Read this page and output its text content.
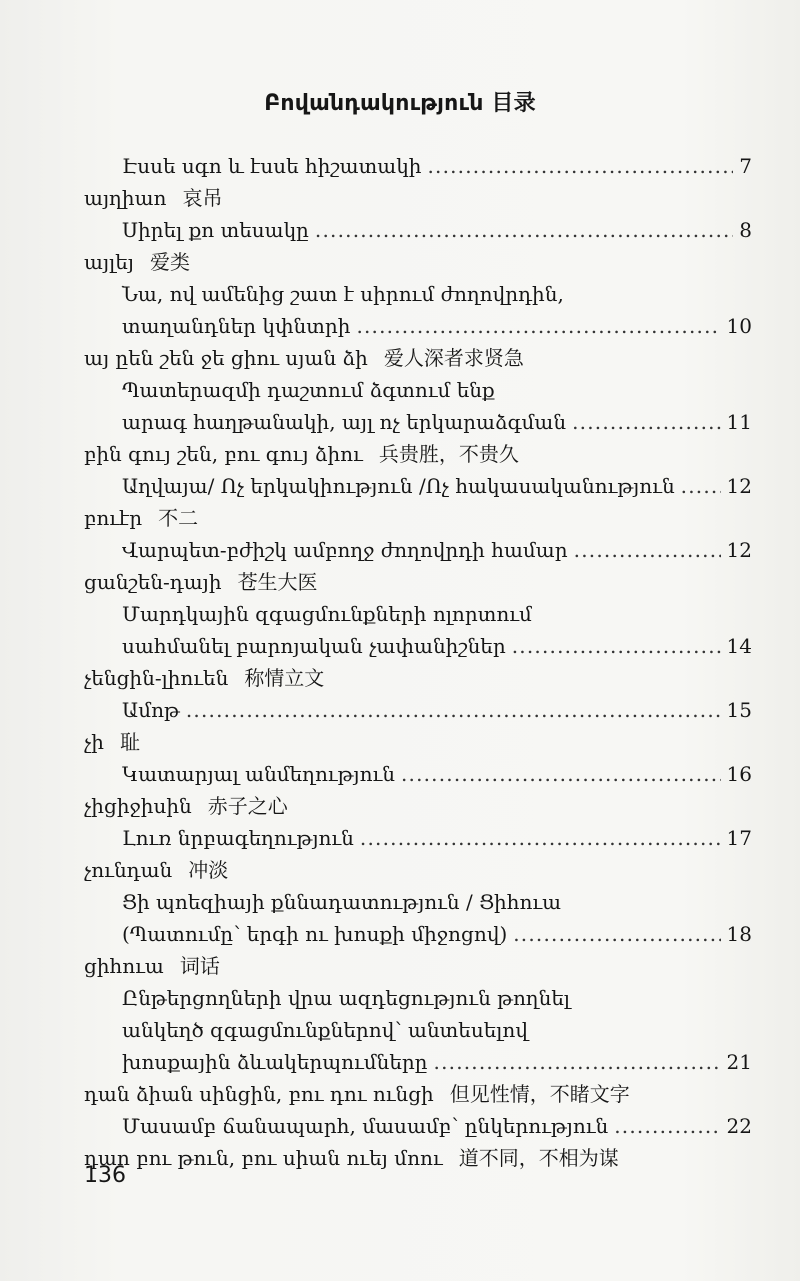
Բովանդակություն 目录
Էսսե սգո և էսսե հիշատակի .....	7
այղիաո 哀吊
Սիրել քո տեսակը .....	8
այլեյ 爱类
Նա, ով ամենից շատ է սիրում ժողովրդին,
տաղանդներ կփնտրի .....	10
այ ըեն շեն ջե ցիու սյան ձի 爱人深者求贤急
Պատերազմի դաշտում ձգտում ենք
արագ հաղթանակի, այլ ոչ երկարաձգման .....	11
բին գույ շեն, բու գույ ձիու 兵贵胜，不贵久
Աղվայա/ Ոչ երկակիություն /Ոչ հակասականություն .....	12
բուէր 不二
Վարպետ-բժիշկ ամբողջ ժողովրդի համար .....	12
ցանշեն-դայի 苍生大医
Մարդկային զգացմունքների ոլորտում
սահմանել բարոյական չափանիշներ .....	14
չենցին-լիուեն 称情立文
Ամոթ .....	15
չի 耻
Կատարյալ անմեղություն .....	16
չիցիջիսին 赤子之心
Լուռ նրբագեղություն .....	17
չունդան 冲淡
Ցի պոեզիայի քննադատություն / Ցիհուա
(Պատումը՝ երգի ու խոսքի միջոցով) .....	18
ցիհուա 词话
Ընթերցողների վրա ազդեցություն թողնել
անկեղծ զգացմունքներով՝ անտեսելով
խոսքային ձևակերպումները .....	21
դան ձիան սինցին, բու դու ունցի 但见性情，不睹文字
Մասամբ ճանապարհ, մասամբ՝ ընկերություն .....	22
դաո բու թուն, բու սիան ուեյ մոու 道不同，不相为谋
136
